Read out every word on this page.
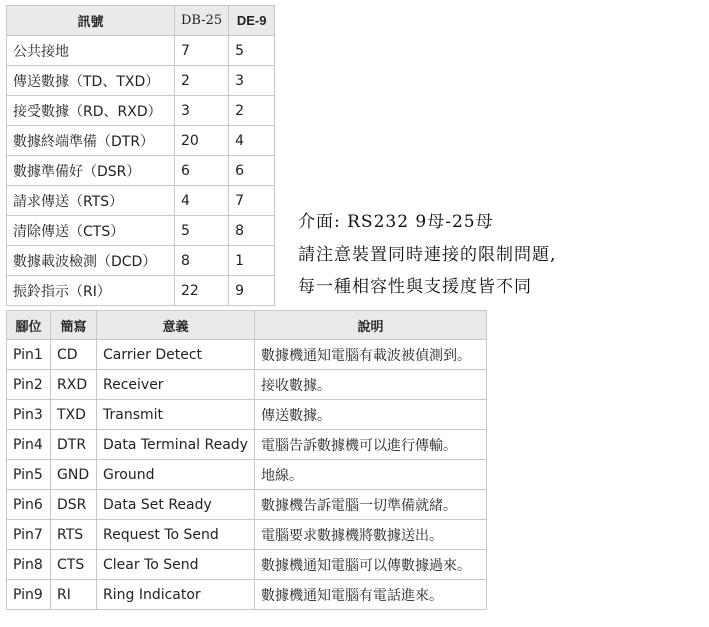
訊號	DB-25	DE-9
公共接地	7	5
傳送數據（TD、TXD）	2	3
接受數據（RD、RXD）	3	2
數據終端準備（DTR）	20	4
數據準備好（DSR）	6	6
請求傳送（RTS）	4	7
清除傳送（CTS）	5	8
數據載波檢測（DCD）	8	1
振鈴指示（RI）	22	9
介面: RS232 9母-25母
請注意裝置同時連接的限制問題,
每一種相容性與支援度皆不同
腳位	簡寫	意義	說明
Pin1	CD	Carrier Detect	數據機通知電腦有載波被偵測到。
Pin2	RXD	Receiver	接收數據。
Pin3	TXD	Transmit	傳送數據。
Pin4	DTR	Data Terminal Ready	電腦告訴數據機可以進行傳輸。
Pin5	GND	Ground	地線。
Pin6	DSR	Data Set Ready	數據機告訴電腦一切準備就緒。
Pin7	RTS	Request To Send	電腦要求數據機將數據送出。
Pin8	CTS	Clear To Send	數據機通知電腦可以傳數據過來。
Pin9	RI	Ring Indicator	數據機通知電腦有電話進來。
